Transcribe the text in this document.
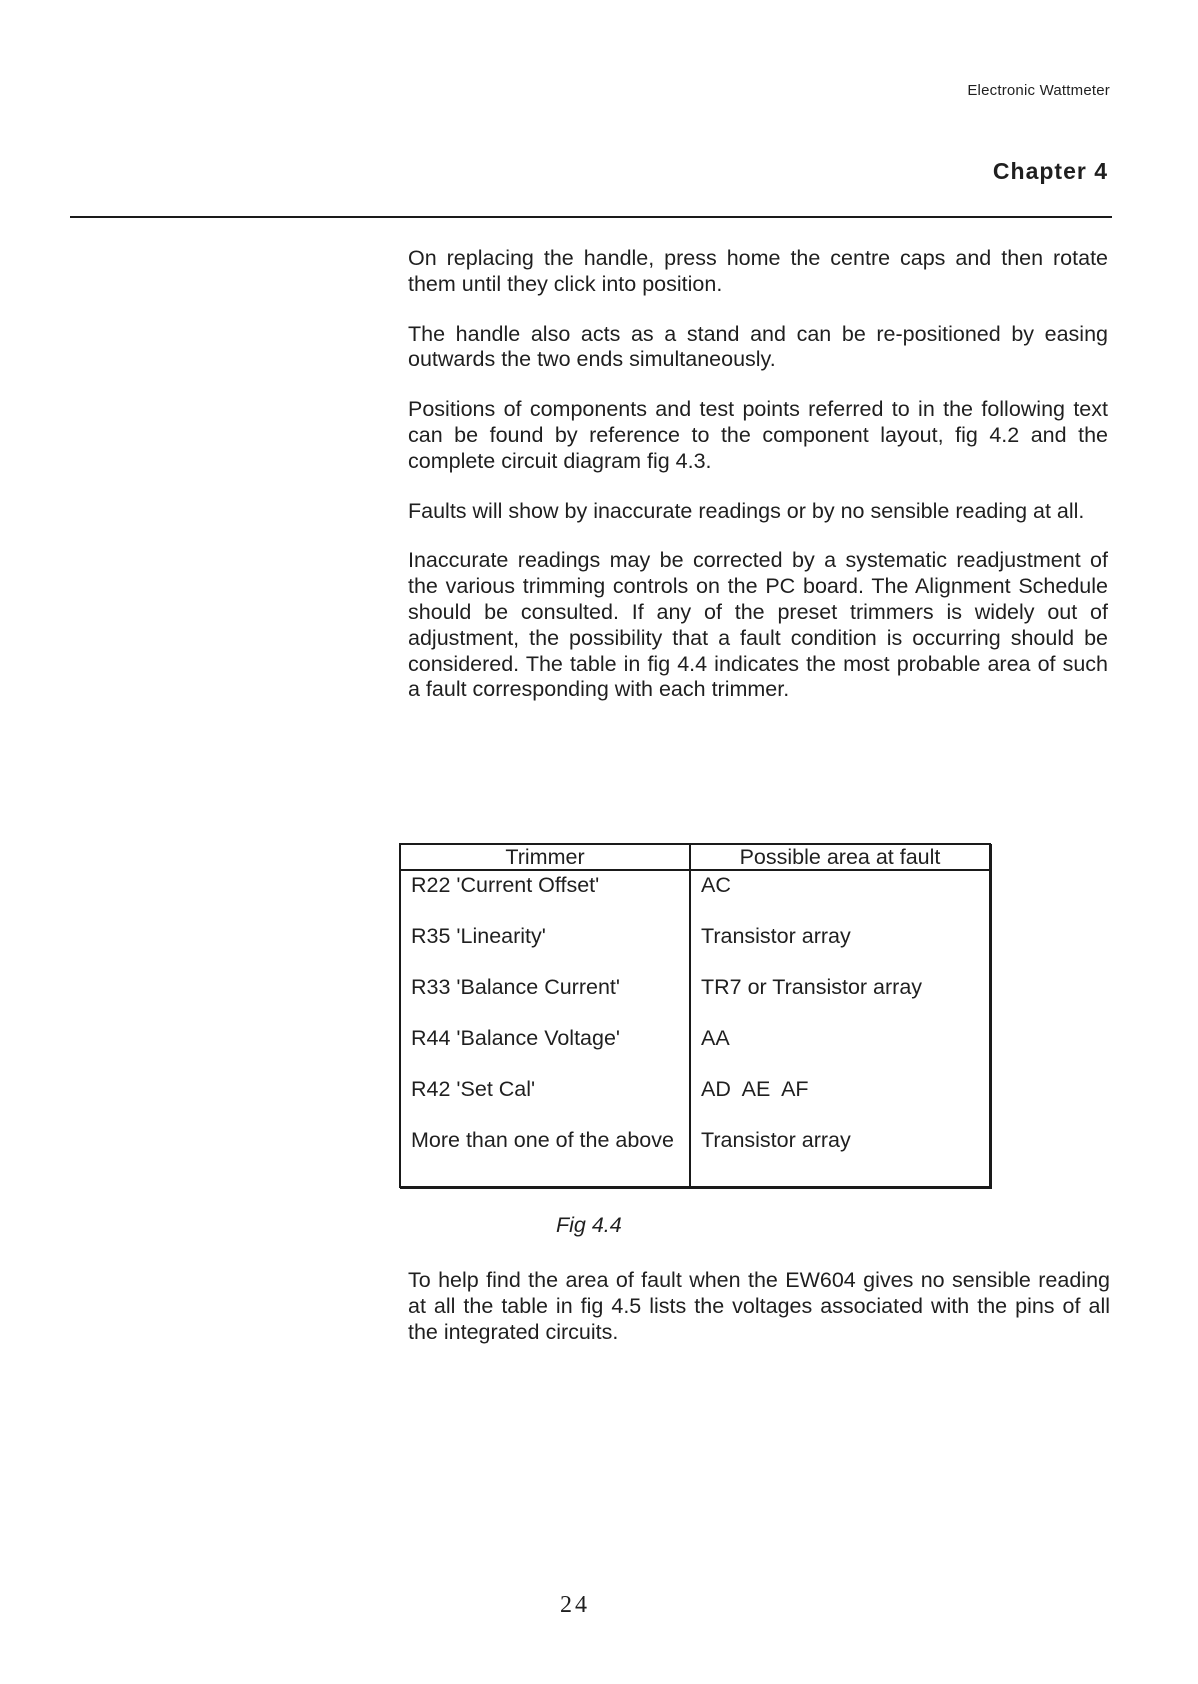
Electronic Wattmeter
Chapter 4

On replacing the handle, press home the centre caps and then rotate them until they click into position.

The handle also acts as a stand and can be re-positioned by easing outwards the two ends simultaneously.

Positions of components and test points referred to in the following text can be found by reference to the component layout, fig 4.2 and the complete circuit diagram fig 4.3.

Faults will show by inaccurate readings or by no sensible reading at all.

Inaccurate readings may be corrected by a systematic readjustment of the various trimming controls on the PC board. The Alignment Schedule should be consulted. If any of the preset trimmers is widely out of adjustment, the possibility that a fault condition is occurring should be considered. The table in fig 4.4 indicates the most probable area of such a fault corresponding with each trimmer.

Trimmer	Possible area at fault
R22 'Current Offset'	AC
R35 'Linearity'	Transistor array
R33 'Balance Current'	TR7 or Transistor array
R44 'Balance Voltage'	AA
R42 'Set Cal'	AD  AE  AF
More than one of the above	Transistor array
Fig 4.4

To help find the area of fault when the EW604 gives no sensible reading at all the table in fig 4.5 lists the voltages associated with the pins of all the integrated circuits.

24
